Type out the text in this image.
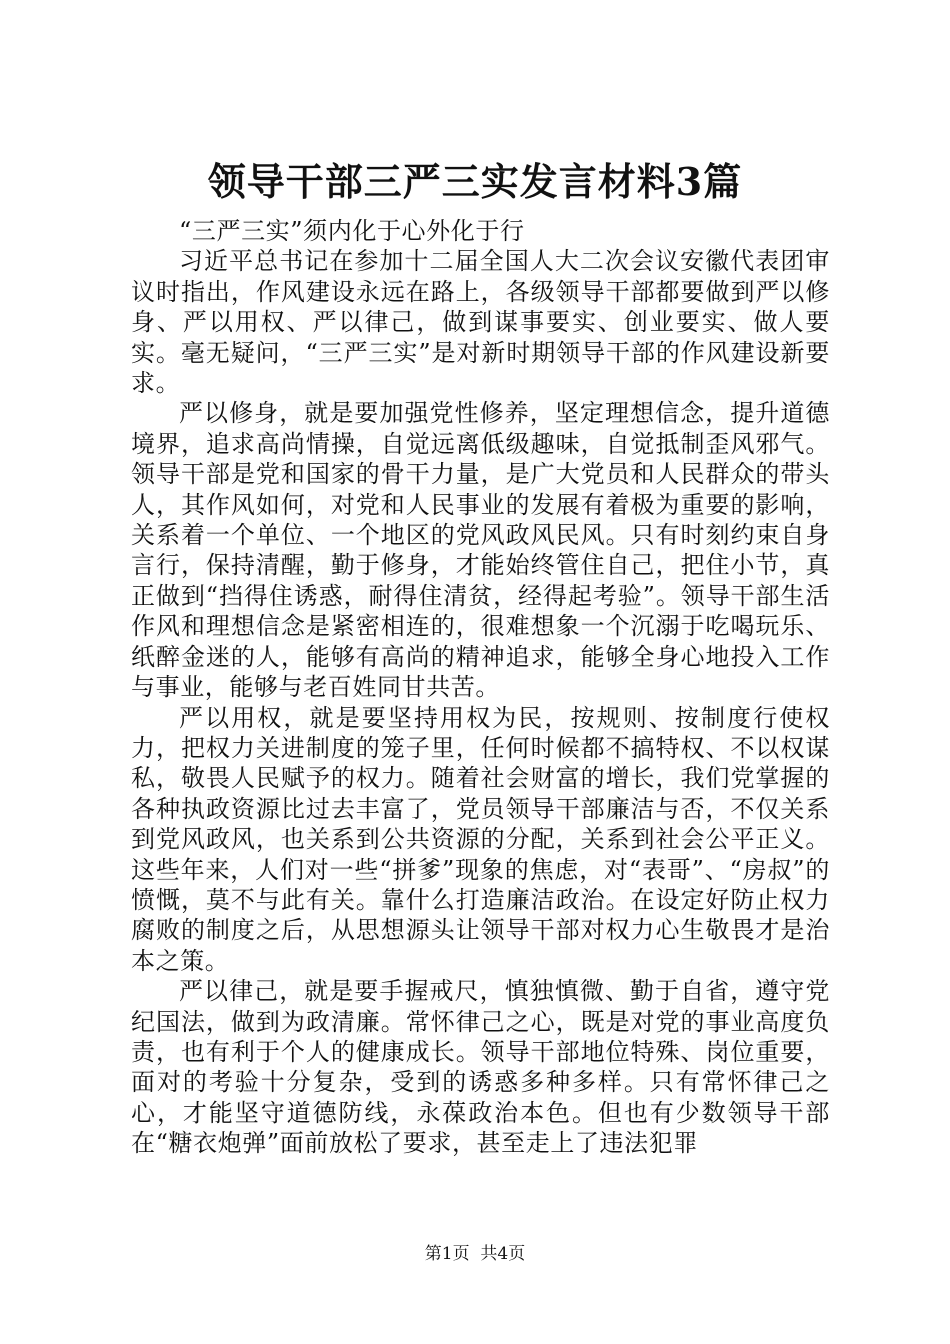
领导干部三严三实发言材料3篇

“三严三实”须内化于心外化于行

习近平总书记在参加十二届全国人大二次会议安徽代表团审议时指出，作风建设永远在路上，各级领导干部都要做到严以修身、严以用权、严以律己，做到谋事要实、创业要实、做人要实。毫无疑问，“三严三实”是对新时期领导干部的作风建设新要求。

严以修身，就是要加强党性修养，坚定理想信念，提升道德境界，追求高尚情操，自觉远离低级趣味，自觉抵制歪风邪气。领导干部是党和国家的骨干力量，是广大党员和人民群众的带头人，其作风如何，对党和人民事业的发展有着极为重要的影响，关系着一个单位、一个地区的党风政风民风。只有时刻约束自身言行，保持清醒，勤于修身，才能始终管住自己，把住小节，真正做到“挡得住诱惑，耐得住清贫，经得起考验”。领导干部生活作风和理想信念是紧密相连的，很难想象一个沉溺于吃喝玩乐、纸醉金迷的人，能够有高尚的精神追求，能够全身心地投入工作与事业，能够与老百姓同甘共苦。

严以用权，就是要坚持用权为民，按规则、按制度行使权力，把权力关进制度的笼子里，任何时候都不搞特权、不以权谋私，敬畏人民赋予的权力。随着社会财富的增长，我们党掌握的各种执政资源比过去丰富了，党员领导干部廉洁与否，不仅关系到党风政风，也关系到公共资源的分配，关系到社会公平正义。这些年来，人们对一些“拼爹”现象的焦虑，对“表哥”、“房叔”的愤慨，莫不与此有关。靠什么打造廉洁政治。在设定好防止权力腐败的制度之后，从思想源头让领导干部对权力心生敬畏才是治本之策。

严以律己，就是要手握戒尺，慎独慎微、勤于自省，遵守党纪国法，做到为政清廉。常怀律己之心，既是对党的事业高度负责，也有利于个人的健康成长。领导干部地位特殊、岗位重要，面对的考验十分复杂，受到的诱惑多种多样。只有常怀律己之心，才能坚守道德防线，永葆政治本色。但也有少数领导干部在“糖衣炮弹”面前放松了要求，甚至走上了违法犯罪

第1页  共4页
